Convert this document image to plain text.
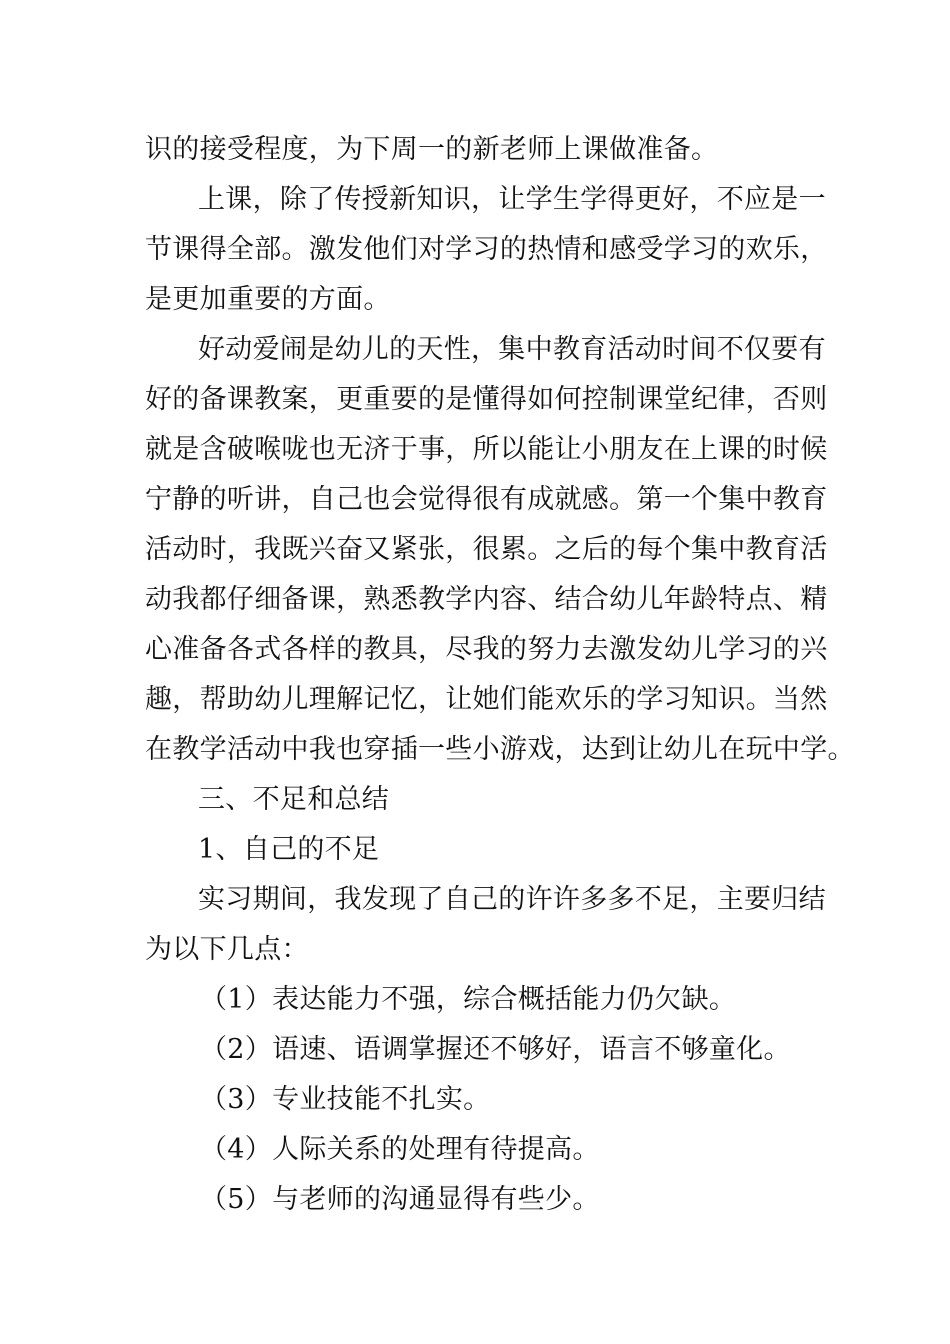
识的接受程度，为下周一的新老师上课做准备。
上课，除了传授新知识，让学生学得更好，不应是一
节课得全部。激发他们对学习的热情和感受学习的欢乐，
是更加重要的方面。
好动爱闹是幼儿的天性，集中教育活动时间不仅要有
好的备课教案，更重要的是懂得如何控制课堂纪律，否则
就是含破喉咙也无济于事，所以能让小朋友在上课的时候
宁静的听讲，自己也会觉得很有成就感。第一个集中教育
活动时，我既兴奋又紧张，很累。之后的每个集中教育活
动我都仔细备课，熟悉教学内容、结合幼儿年龄特点、精
心准备各式各样的教具，尽我的努力去激发幼儿学习的兴
趣，帮助幼儿理解记忆，让她们能欢乐的学习知识。当然
在教学活动中我也穿插一些小游戏，达到让幼儿在玩中学。
三、不足和总结
1、自己的不足
实习期间，我发现了自己的许许多多不足，主要归结
为以下几点：
（1）表达能力不强，综合概括能力仍欠缺。
（2）语速、语调掌握还不够好，语言不够童化。
（3）专业技能不扎实。
（4）人际关系的处理有待提高。
（5）与老师的沟通显得有些少。
